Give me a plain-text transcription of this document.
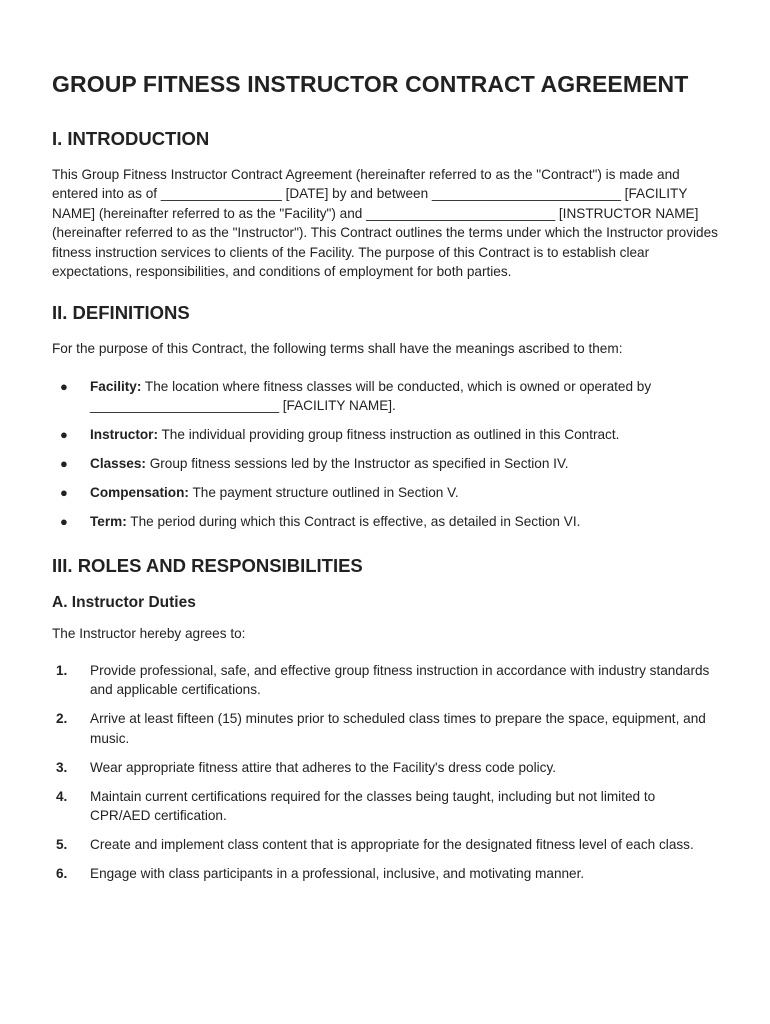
GROUP FITNESS INSTRUCTOR CONTRACT AGREEMENT
I. INTRODUCTION

This Group Fitness Instructor Contract Agreement (hereinafter referred to as the "Contract") is made and entered into as of ________________ [DATE] by and between _________________________ [FACILITY NAME] (hereinafter referred to as the "Facility") and _________________________ [INSTRUCTOR NAME] (hereinafter referred to as the "Instructor"). This Contract outlines the terms under which the Instructor provides fitness instruction services to clients of the Facility. The purpose of this Contract is to establish clear expectations, responsibilities, and conditions of employment for both parties.

II. DEFINITIONS

For the purpose of this Contract, the following terms shall have the meanings ascribed to them:

● Facility: The location where fitness classes will be conducted, which is owned or operated by _________________________ [FACILITY NAME].
● Instructor: The individual providing group fitness instruction as outlined in this Contract.
● Classes: Group fitness sessions led by the Instructor as specified in Section IV.
● Compensation: The payment structure outlined in Section V.
● Term: The period during which this Contract is effective, as detailed in Section VI.
III. ROLES AND RESPONSIBILITIES
A. Instructor Duties

The Instructor hereby agrees to:

1. Provide professional, safe, and effective group fitness instruction in accordance with industry standards and applicable certifications.
2. Arrive at least fifteen (15) minutes prior to scheduled class times to prepare the space, equipment, and music.
3. Wear appropriate fitness attire that adheres to the Facility's dress code policy.
4. Maintain current certifications required for the classes being taught, including but not limited to CPR/AED certification.
5. Create and implement class content that is appropriate for the designated fitness level of each class.
6. Engage with class participants in a professional, inclusive, and motivating manner.
